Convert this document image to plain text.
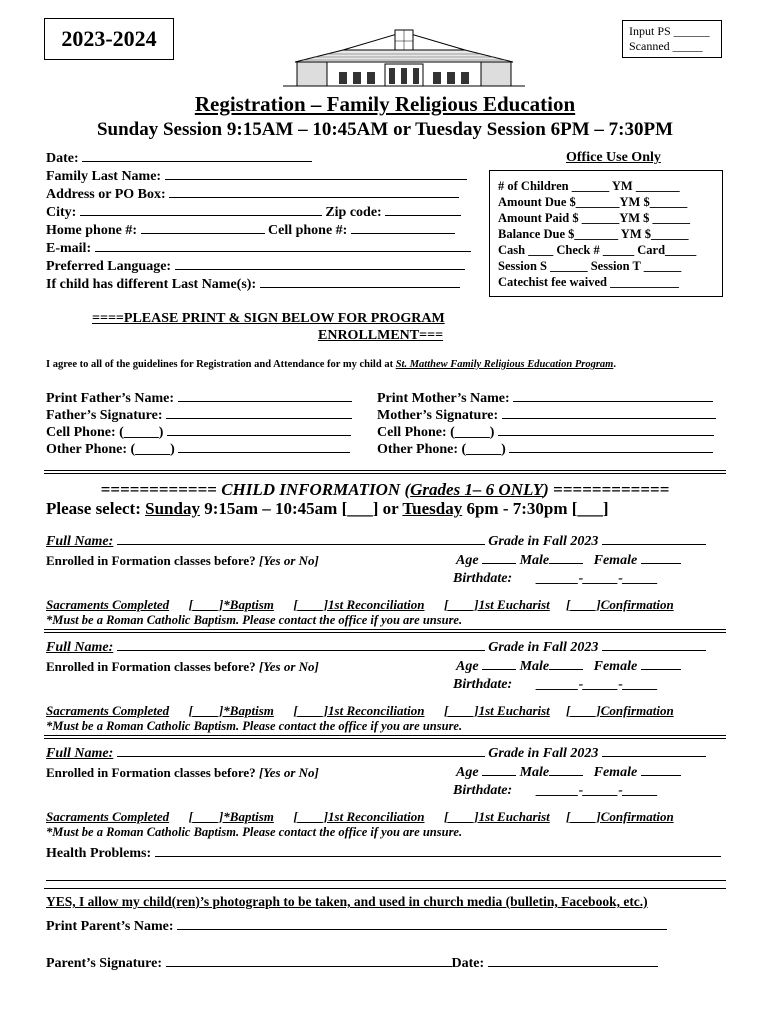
2023-2024	Input PS ______
Scanned _____
Registration – Family Religious Education
Sunday Session 9:15AM – 10:45AM or Tuesday Session 6PM – 7:30PM
Date:
Family Last Name:
Address or PO Box:
City:	Zip code:
Home phone #:	Cell phone #:
E-mail:
Preferred Language:
If child has different Last Name(s):
Office Use Only
# of Children ______ YM _______
Amount Due $_______YM $______
Amount Paid $ ______YM $ ______
Balance Due $_______ YM $______
Cash ____ Check # _____ Card_____
Session S ______ Session T ______
Catechist fee waived ___________
====PLEASE PRINT & SIGN BELOW FOR PROGRAM
ENROLLMENT===
I agree to all of the guidelines for Registration and Attendance for my child at St. Matthew Family Religious Education Program.
Print Father’s Name:
Father’s Signature:
Cell Phone: (_____)
Other Phone: (_____)
Print Mother’s Name:
Mother’s Signature:
Cell Phone: (_____)
Other Phone: (_____)
============ CHILD INFORMATION (Grades 1– 6 ONLY) ============
Please select: Sunday 9:15am – 10:45am [___] or Tuesday 6pm - 7:30pm [___]
Full Name:	Grade in Fall 2023
Enrolled in Formation classes before? [Yes or No]	Age	Male	Female
Birthdate: ______-_____-_____
Sacraments Completed [____]*Baptism [____]1st Reconciliation [____]1st Eucharist [____]Confirmation
*Must be a Roman Catholic Baptism. Please contact the office if you are unsure.
Full Name:	Grade in Fall 2023
Enrolled in Formation classes before? [Yes or No]	Age	Male	Female
Birthdate: ______-_____-_____
Sacraments Completed [____]*Baptism [____]1st Reconciliation [____]1st Eucharist [____]Confirmation
*Must be a Roman Catholic Baptism. Please contact the office if you are unsure.
Full Name:	Grade in Fall 2023
Enrolled in Formation classes before? [Yes or No]	Age	Male	Female
Birthdate: ______-_____-_____
Sacraments Completed [____]*Baptism [____]1st Reconciliation [____]1st Eucharist [____]Confirmation
*Must be a Roman Catholic Baptism. Please contact the office if you are unsure.
Health Problems:
YES, I allow my child(ren)’s photograph to be taken, and used in church media (bulletin, Facebook, etc.)
Print Parent’s Name:
Parent’s Signature:	Date:
